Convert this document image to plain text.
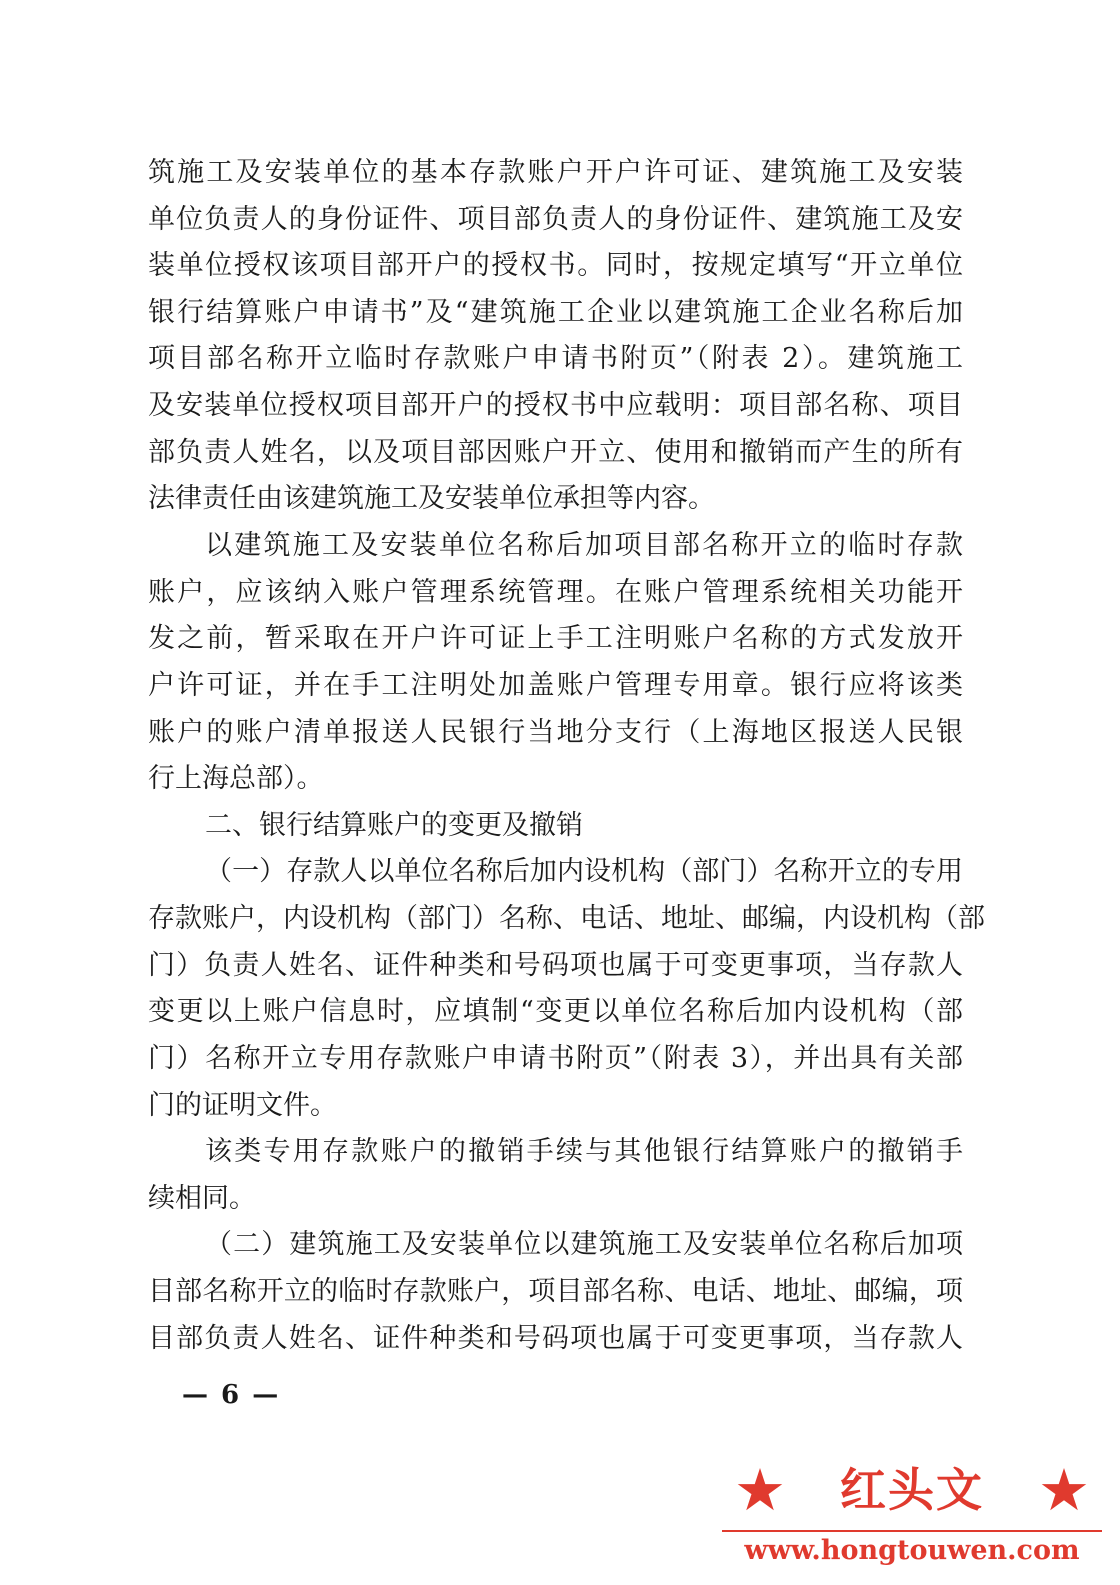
筑施工及安装单位的基本存款账户开户许可证、建筑施工及安装
单位负责人的身份证件、项目部负责人的身份证件、建筑施工及安
装单位授权该项目部开户的授权书。同时，按规定填写“开立单位
银行结算账户申请书”及“建筑施工企业以建筑施工企业名称后加
项目部名称开立临时存款账户申请书附页”（附表 2）。建筑施工
及安装单位授权项目部开户的授权书中应载明：项目部名称、项目
部负责人姓名，以及项目部因账户开立、使用和撤销而产生的所有
法律责任由该建筑施工及安装单位承担等内容。
以建筑施工及安装单位名称后加项目部名称开立的临时存款
账户，应该纳入账户管理系统管理。在账户管理系统相关功能开
发之前，暂采取在开户许可证上手工注明账户名称的方式发放开
户许可证，并在手工注明处加盖账户管理专用章。银行应将该类
账户的账户清单报送人民银行当地分支行（上海地区报送人民银
行上海总部）。
二、银行结算账户的变更及撤销
（一）存款人以单位名称后加内设机构（部门）名称开立的专用
存款账户，内设机构（部门）名称、电话、地址、邮编，内设机构（部
门）负责人姓名、证件种类和号码项也属于可变更事项，当存款人
变更以上账户信息时，应填制“变更以单位名称后加内设机构（部
门）名称开立专用存款账户申请书附页”（附表 3），并出具有关部
门的证明文件。
该类专用存款账户的撤销手续与其他银行结算账户的撤销手
续相同。
（二）建筑施工及安装单位以建筑施工及安装单位名称后加项
目部名称开立的临时存款账户，项目部名称、电话、地址、邮编，项
目部负责人姓名、证件种类和号码项也属于可变更事项，当存款人
— 6 —
★ 红头文 ★
www.hongtouwen.com
